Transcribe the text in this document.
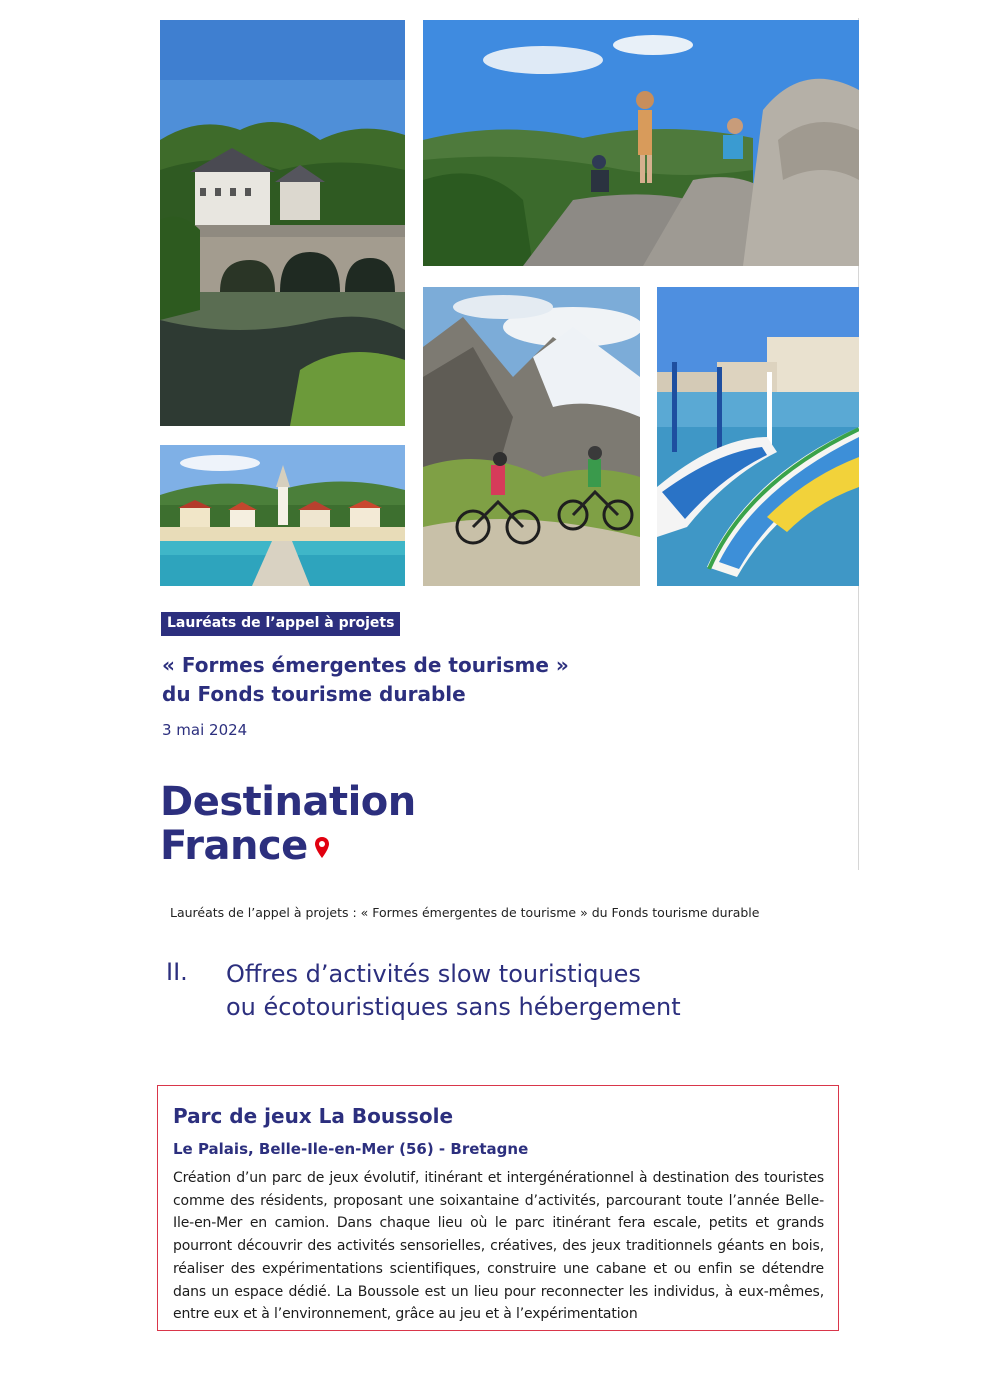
Lauréats de l’appel à projets
« Formes émergentes de tourisme »
du Fonds tourisme durable
3 mai 2024
Destination
France
Lauréats de l’appel à projets : « Formes émergentes de tourisme » du Fonds tourisme durable
II. Offres d’activités slow touristiques
ou écotouristiques sans hébergement
Parc de jeux La Boussole
Le Palais, Belle-Ile-en-Mer (56) - Bretagne
Création d’un parc de jeux évolutif, itinérant et intergénérationnel à destination des touristes comme des résidents, proposant une soixantaine d’activités, parcourant toute l’année Belle-Ile-en-Mer en camion. Dans chaque lieu où le parc itinérant fera escale, petits et grands pourront découvrir des activités sensorielles, créatives, des jeux traditionnels géants en bois, réaliser des expérimentations scientifiques, construire une cabane et ou enfin se détendre dans un espace dédié. La Boussole est un lieu pour reconnecter les individus, à eux-mêmes, entre eux et à l’environnement, grâce au jeu et à l’expérimentation
